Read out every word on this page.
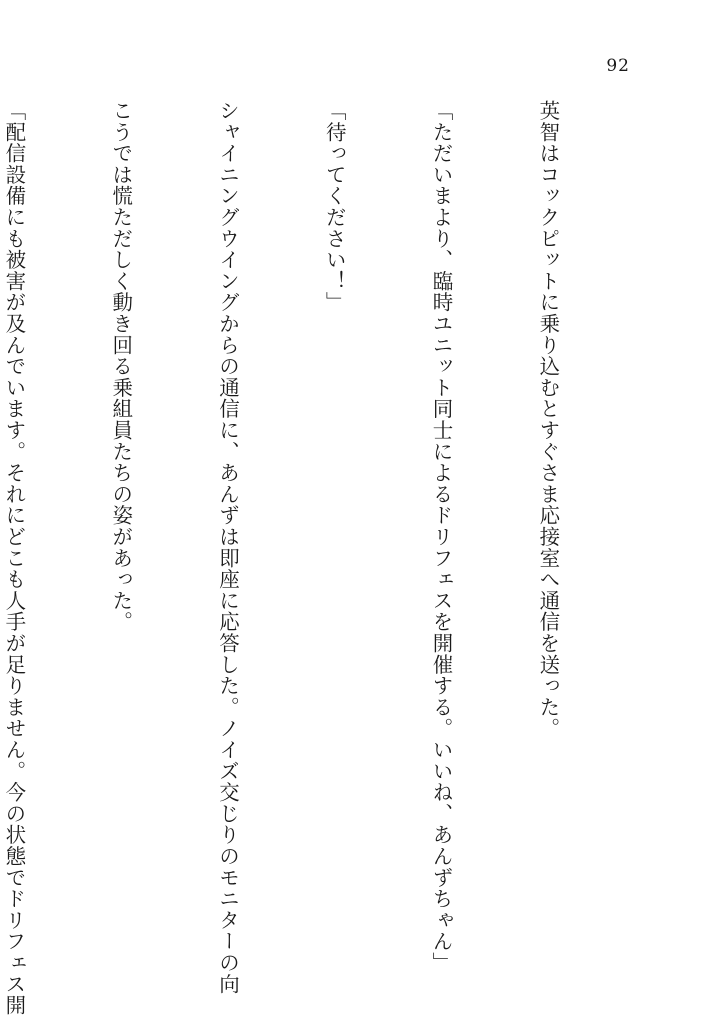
92

英智はコックピットに乗り込むとすぐさま応接室へ通信を送った。

「ただいまより、臨時ユニット同士によるドリフェスを開催する。いいね、あんずちゃん」

「待ってください！」

シャイニングウイングからの通信に、あんずは即座に応答した。ノイズ交じりのモニターの向

こうでは慌ただしく動き回る乗組員たちの姿があった。

「配信設備にも被害が及んでいます。それにどこも人手が足りません。今の状態でドリフェス開
